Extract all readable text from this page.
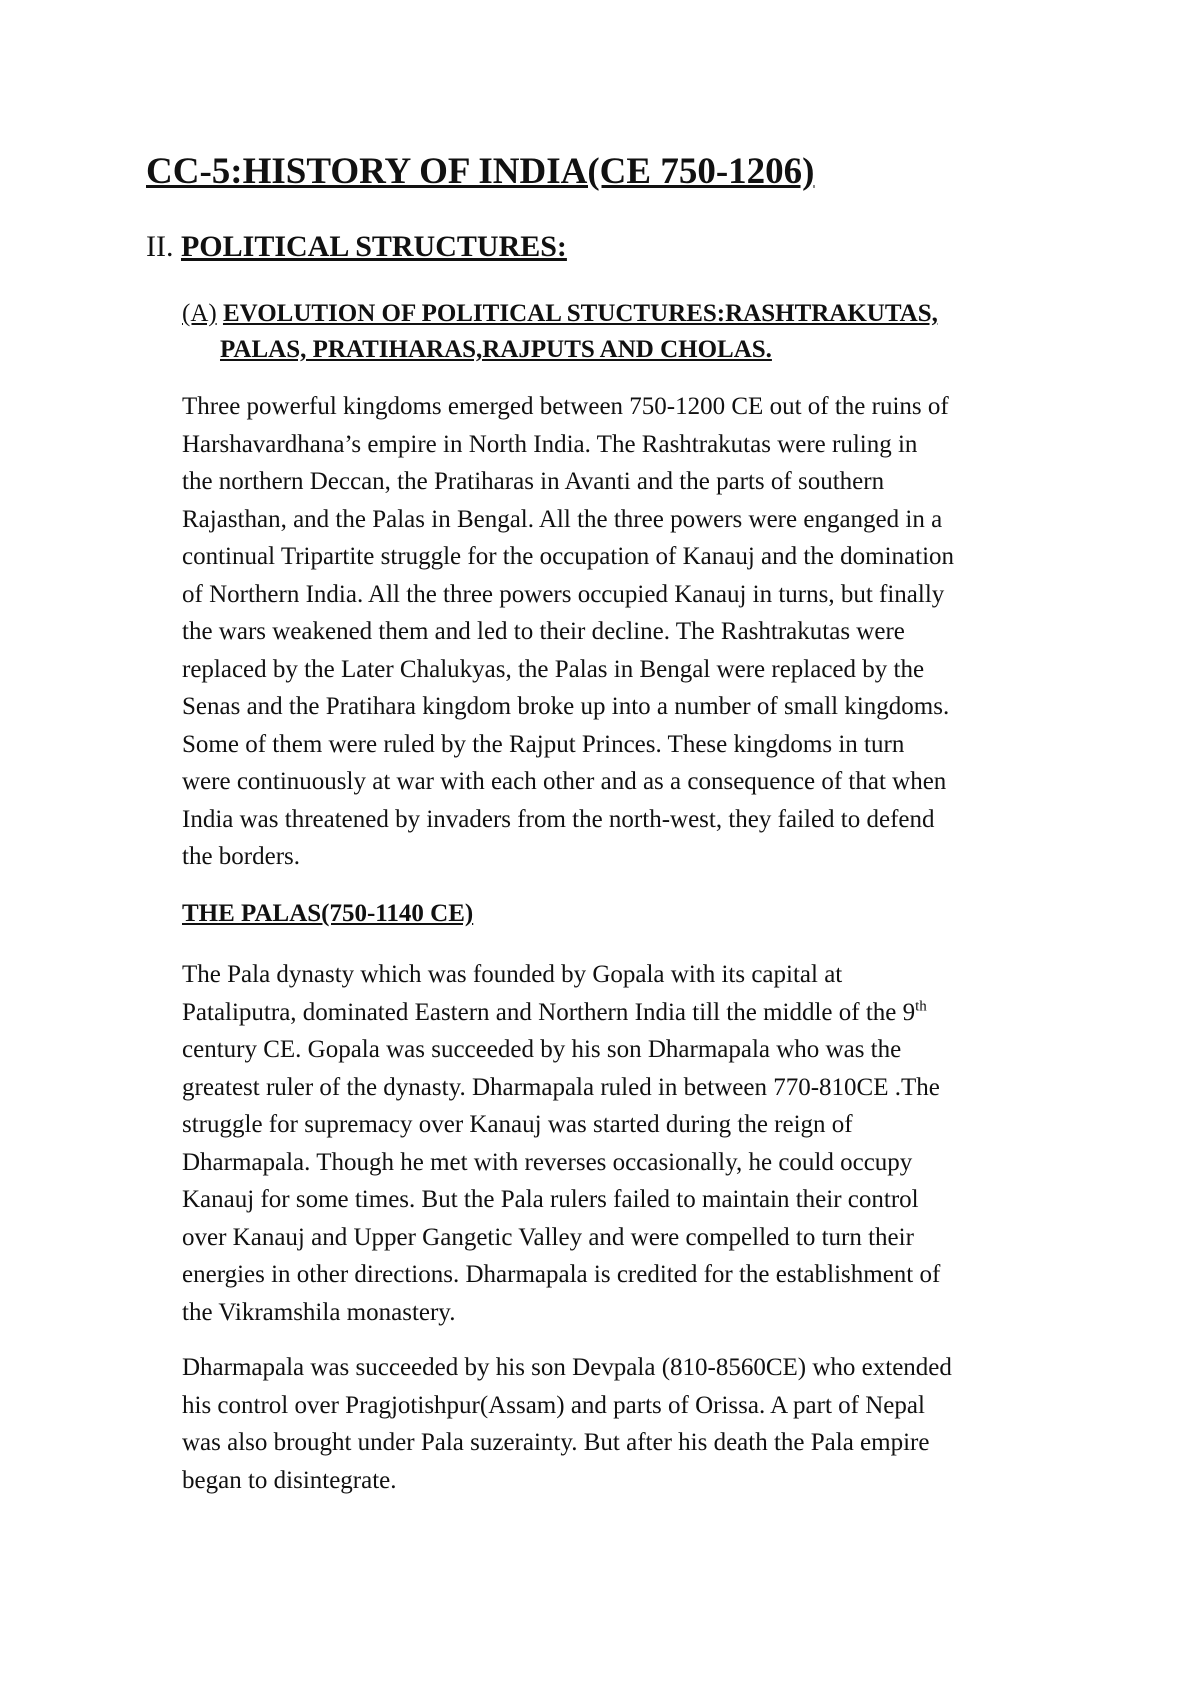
CC-5:HISTORY OF INDIA(CE 750-1206)
II. POLITICAL STRUCTURES:
(A) EVOLUTION OF POLITICAL STUCTURES:RASHTRAKUTAS,
PALAS, PRATIHARAS,RAJPUTS AND CHOLAS.
Three powerful kingdoms emerged between 750-1200 CE out of the ruins of
Harshavardhana’s empire in North India. The Rashtrakutas were ruling in
the northern Deccan, the Pratiharas in Avanti and the parts of southern
Rajasthan, and the Palas in Bengal. All the three powers were enganged in a
continual Tripartite struggle for the occupation of Kanauj and the domination
of Northern India. All the three powers occupied Kanauj in turns, but finally
the wars weakened them and led to their decline. The Rashtrakutas were
replaced by the Later Chalukyas, the Palas in Bengal were replaced by the
Senas and the Pratihara kingdom broke up into a number of small kingdoms.
Some of them were ruled by the Rajput Princes. These kingdoms in turn
were continuously at war with each other and as a consequence of that when
India was threatened by invaders from the north-west, they failed to defend
the borders.
THE PALAS(750-1140 CE)
The Pala dynasty which was founded by Gopala with its capital at
Pataliputra, dominated Eastern and Northern India till the middle of the 9th
century CE. Gopala was succeeded by his son Dharmapala who was the
greatest ruler of the dynasty. Dharmapala ruled in between 770-810CE .The
struggle for supremacy over Kanauj was started during the reign of
Dharmapala. Though he met with reverses occasionally, he could occupy
Kanauj for some times. But the Pala rulers failed to maintain their control
over Kanauj and Upper Gangetic Valley and were compelled to turn their
energies in other directions. Dharmapala is credited for the establishment of
the Vikramshila monastery.
Dharmapala was succeeded by his son Devpala (810-8560CE) who extended
his control over Pragjotishpur(Assam) and parts of Orissa. A part of Nepal
was also brought under Pala suzerainty. But after his death the Pala empire
began to disintegrate.
